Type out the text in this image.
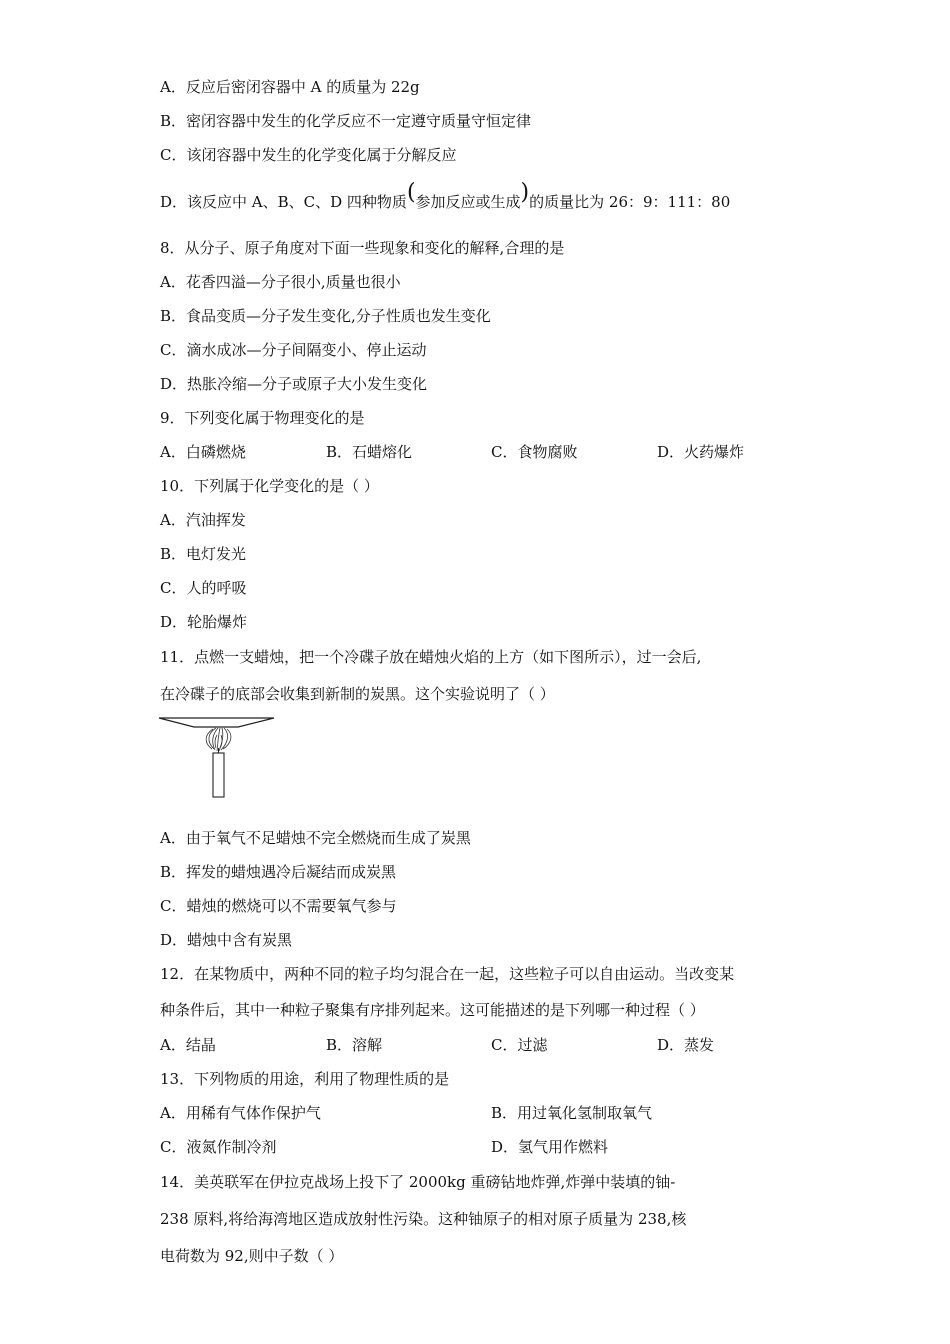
A．反应后密闭容器中 A 的质量为 22g
B．密闭容器中发生的化学反应不一定遵守质量守恒定律
C．该闭容器中发生的化学变化属于分解反应
D．该反应中 A、B、C、D 四种物质(参加反应或生成)的质量比为 26：9：111：80
8．从分子、原子角度对下面一些现象和变化的解释,合理的是
A．花香四溢—分子很小,质量也很小
B．食品变质—分子发生变化,分子性质也发生变化
C．滴水成冰—分子间隔变小、停止运动
D．热胀冷缩—分子或原子大小发生变化
9．下列变化属于物理变化的是
A．白磷燃烧	B．石蜡熔化	C．食物腐败	D．火药爆炸
10．下列属于化学变化的是（ ）
A．汽油挥发
B．电灯发光
C．人的呼吸
D．轮胎爆炸
11．点燃一支蜡烛，把一个冷碟子放在蜡烛火焰的上方（如下图所示），过一会后,
在冷碟子的底部会收集到新制的炭黑。这个实验说明了（ ）
A．由于氧气不足蜡烛不完全燃烧而生成了炭黑
B．挥发的蜡烛遇冷后凝结而成炭黑
C．蜡烛的燃烧可以不需要氧气参与
D．蜡烛中含有炭黑
12．在某物质中，两种不同的粒子均匀混合在一起，这些粒子可以自由运动。当改变某
种条件后，其中一种粒子聚集有序排列起来。这可能描述的是下列哪一种过程（ ）
A．结晶	B．溶解	C．过滤	D．蒸发
13．下列物质的用途，利用了物理性质的是
A．用稀有气体作保护气	B．用过氧化氢制取氧气
C．液氮作制冷剂	D．氢气用作燃料
14．美英联军在伊拉克战场上投下了 2000kg 重磅钻地炸弹,炸弹中装填的铀-
238 原料,将给海湾地区造成放射性污染。这种铀原子的相对原子质量为 238,核
电荷数为 92,则中子数（ ）
